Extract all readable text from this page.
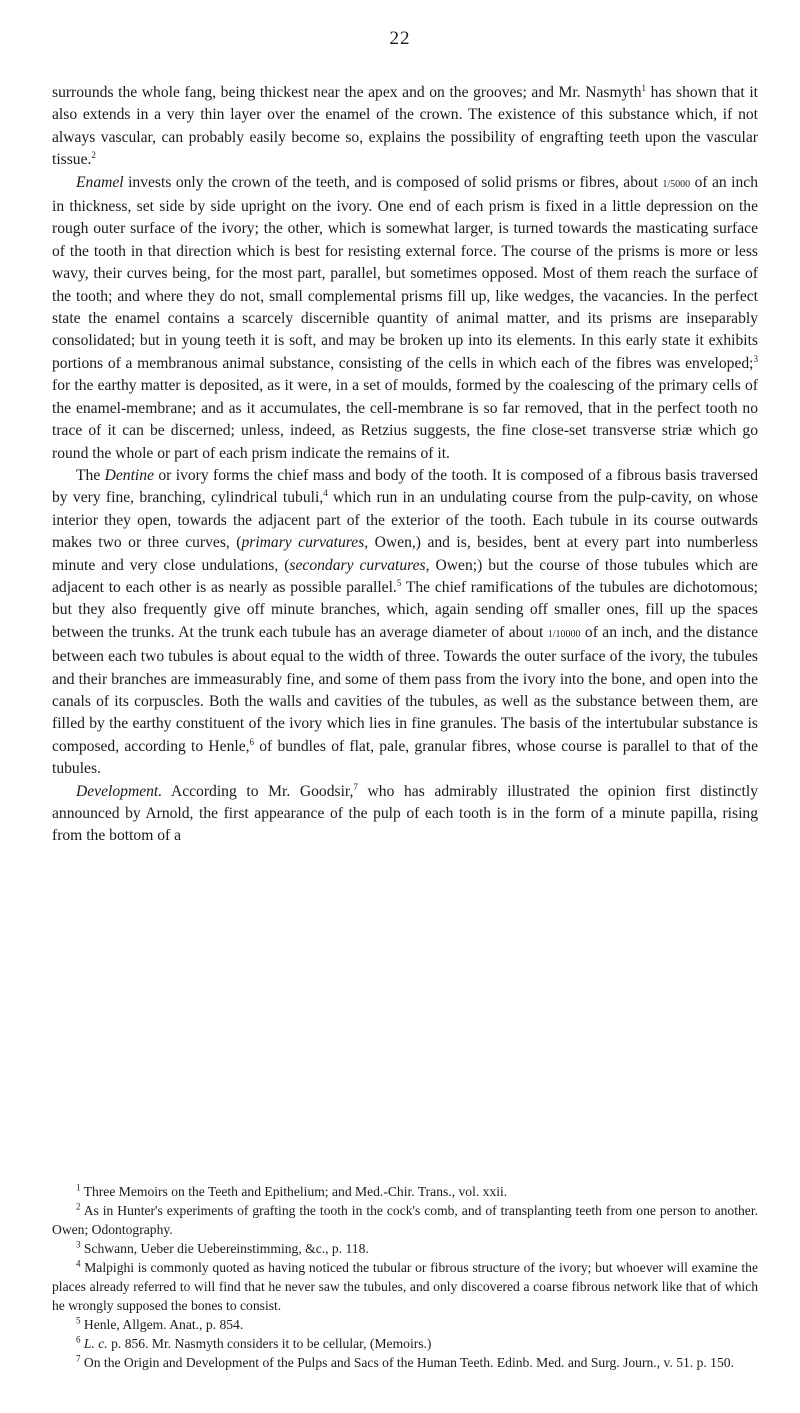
22

surrounds the whole fang, being thickest near the apex and on the grooves; and Mr. Nasmyth$^1$ has shown that it also extends in a very thin layer over the enamel of the crown. The existence of this substance which, if not always vascular, can probably easily become so, explains the possibility of engrafting teeth upon the vascular tissue.$^2$

Enamel invests only the crown of the teeth, and is composed of solid prisms or fibres, about 1/5000 of an inch in thickness, set side by side upright on the ivory. One end of each prism is fixed in a little depression on the rough outer surface of the ivory; the other, which is somewhat larger, is turned towards the masticating surface of the tooth in that direction which is best for resisting external force. The course of the prisms is more or less wavy, their curves being, for the most part, parallel, but sometimes opposed. Most of them reach the surface of the tooth; and where they do not, small complemental prisms fill up, like wedges, the vacancies. In the perfect state the enamel contains a scarcely discernible quantity of animal matter, and its prisms are inseparably consolidated; but in young teeth it is soft, and may be broken up into its elements. In this early state it exhibits portions of a membranous animal substance, consisting of the cells in which each of the fibres was enveloped;$^3$ for the earthy matter is deposited, as it were, in a set of moulds, formed by the coalescing of the primary cells of the enamel-membrane; and as it accumulates, the cell-membrane is so far removed, that in the perfect tooth no trace of it can be discerned; unless, indeed, as Retzius suggests, the fine close-set transverse striæ which go round the whole or part of each prism indicate the remains of it.

The Dentine or ivory forms the chief mass and body of the tooth. It is composed of a fibrous basis traversed by very fine, branching, cylindrical tubuli,$^4$ which run in an undulating course from the pulp-cavity, on whose interior they open, towards the adjacent part of the exterior of the tooth. Each tubule in its course outwards makes two or three curves, (primary curvatures, Owen,) and is, besides, bent at every part into numberless minute and very close undulations, (secondary curvatures, Owen;) but the course of those tubules which are adjacent to each other is as nearly as possible parallel.$^5$ The chief ramifications of the tubules are dichotomous; but they also frequently give off minute branches, which, again sending off smaller ones, fill up the spaces between the trunks. At the trunk each tubule has an average diameter of about 1/10000 of an inch, and the distance between each two tubules is about equal to the width of three. Towards the outer surface of the ivory, the tubules and their branches are immeasurably fine, and some of them pass from the ivory into the bone, and open into the canals of its corpuscles. Both the walls and cavities of the tubules, as well as the substance between them, are filled by the earthy constituent of the ivory which lies in fine granules. The basis of the intertubular substance is composed, according to Henle,$^6$ of bundles of flat, pale, granular fibres, whose course is parallel to that of the tubules.

Development. According to Mr. Goodsir,$^7$ who has admirably illustrated the opinion first distinctly announced by Arnold, the first appearance of the pulp of each tooth is in the form of a minute papilla, rising from the bottom of a

$^1$ Three Memoirs on the Teeth and Epithelium; and Med.-Chir. Trans., vol. xxii.

$^2$ As in Hunter's experiments of grafting the tooth in the cock's comb, and of transplanting teeth from one person to another. Owen; Odontography.

$^3$ Schwann, Ueber die Uebereinstimming, &c., p. 118.

$^4$ Malpighi is commonly quoted as having noticed the tubular or fibrous structure of the ivory; but whoever will examine the places already referred to will find that he never saw the tubules, and only discovered a coarse fibrous network like that of which he wrongly supposed the bones to consist.

$^5$ Henle, Allgem. Anat., p. 854.

$^6$ L. c. p. 856. Mr. Nasmyth considers it to be cellular, (Memoirs.)

$^7$ On the Origin and Development of the Pulps and Sacs of the Human Teeth. Edinb. Med. and Surg. Journ., v. 51. p. 150.
